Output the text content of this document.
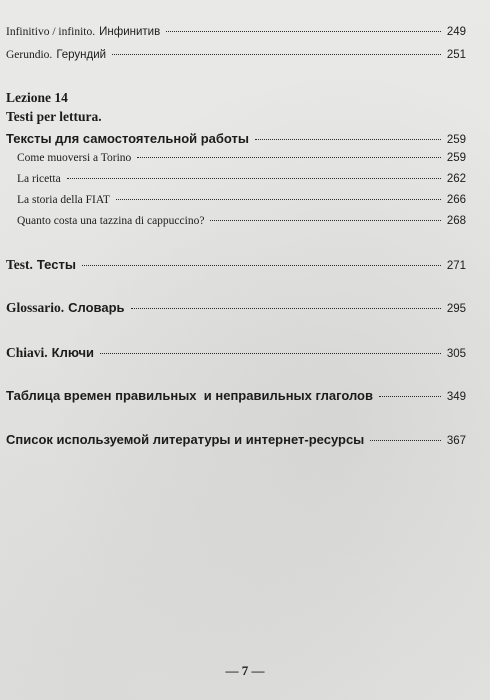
Infinitivo / infinito. Инфинитив	249
Gerundio. Герундий	251
Lezione 14
Testi per lettura.
Тексты для самостоятельной работы	259
Come muoversi a Torino	259
La ricetta	262
La storia della FIAT	266
Quanto costa una tazzina di cappuccino?	268
Test. Тесты	271
Glossario. Словарь	295
Chiavi. Ключи	305
Таблица времен правильных  и неправильных глаголов	349
Список используемой литературы и интернет-ресурсы	367
— 7 —
